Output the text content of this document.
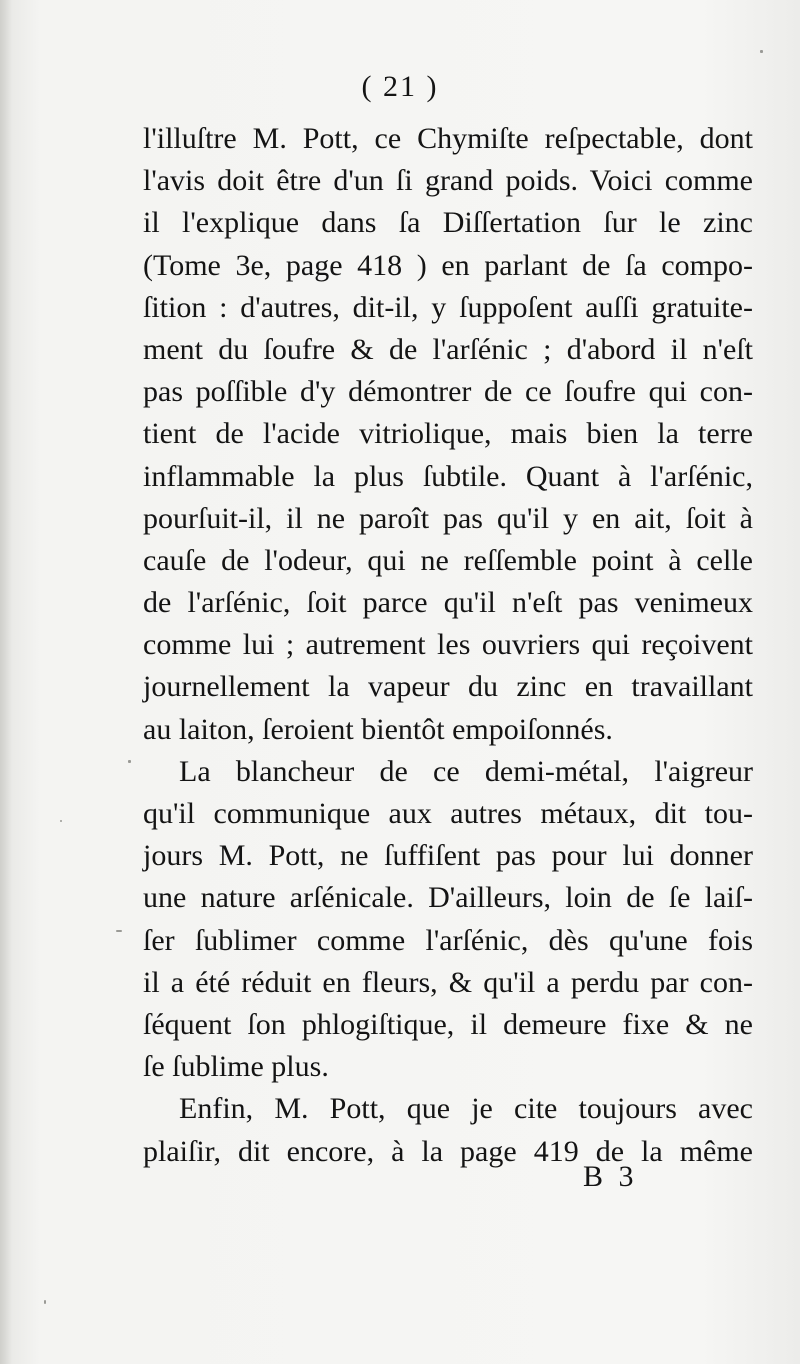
( 21 )
l'illuſtre M. Pott, ce Chymiſte reſpectable, dont
l'avis doit être d'un ſi grand poids. Voici comme
il l'explique dans ſa Diſſertation ſur le zinc
(Tome 3e, page 418 ) en parlant de ſa compo-
ſition : d'autres, dit-il, y ſuppoſent auſſi gratuite-
ment du ſoufre & de l'arſénic ; d'abord il n'eſt
pas poſſible d'y démontrer de ce ſoufre qui con-
tient de l'acide vitriolique, mais bien la terre
inflammable la plus ſubtile. Quant à l'arſénic,
pourſuit-il, il ne paroît pas qu'il y en ait, ſoit à
cauſe de l'odeur, qui ne reſſemble point à celle
de l'arſénic, ſoit parce qu'il n'eſt pas venimeux
comme lui ; autrement les ouvriers qui reçoivent
journellement la vapeur du zinc en travaillant
au laiton, ſeroient bientôt empoiſonnés.
La blancheur de ce demi-métal, l'aigreur
qu'il communique aux autres métaux, dit tou-
jours M. Pott, ne ſuffiſent pas pour lui donner
une nature arſénicale. D'ailleurs, loin de ſe laiſ-
ſer ſublimer comme l'arſénic, dès qu'une fois
il a été réduit en fleurs, & qu'il a perdu par con-
ſéquent ſon phlogiſtique, il demeure fixe & ne
ſe ſublime plus.
Enfin, M. Pott, que je cite toujours avec
plaiſir, dit encore, à la page 419 de la même
B 3
